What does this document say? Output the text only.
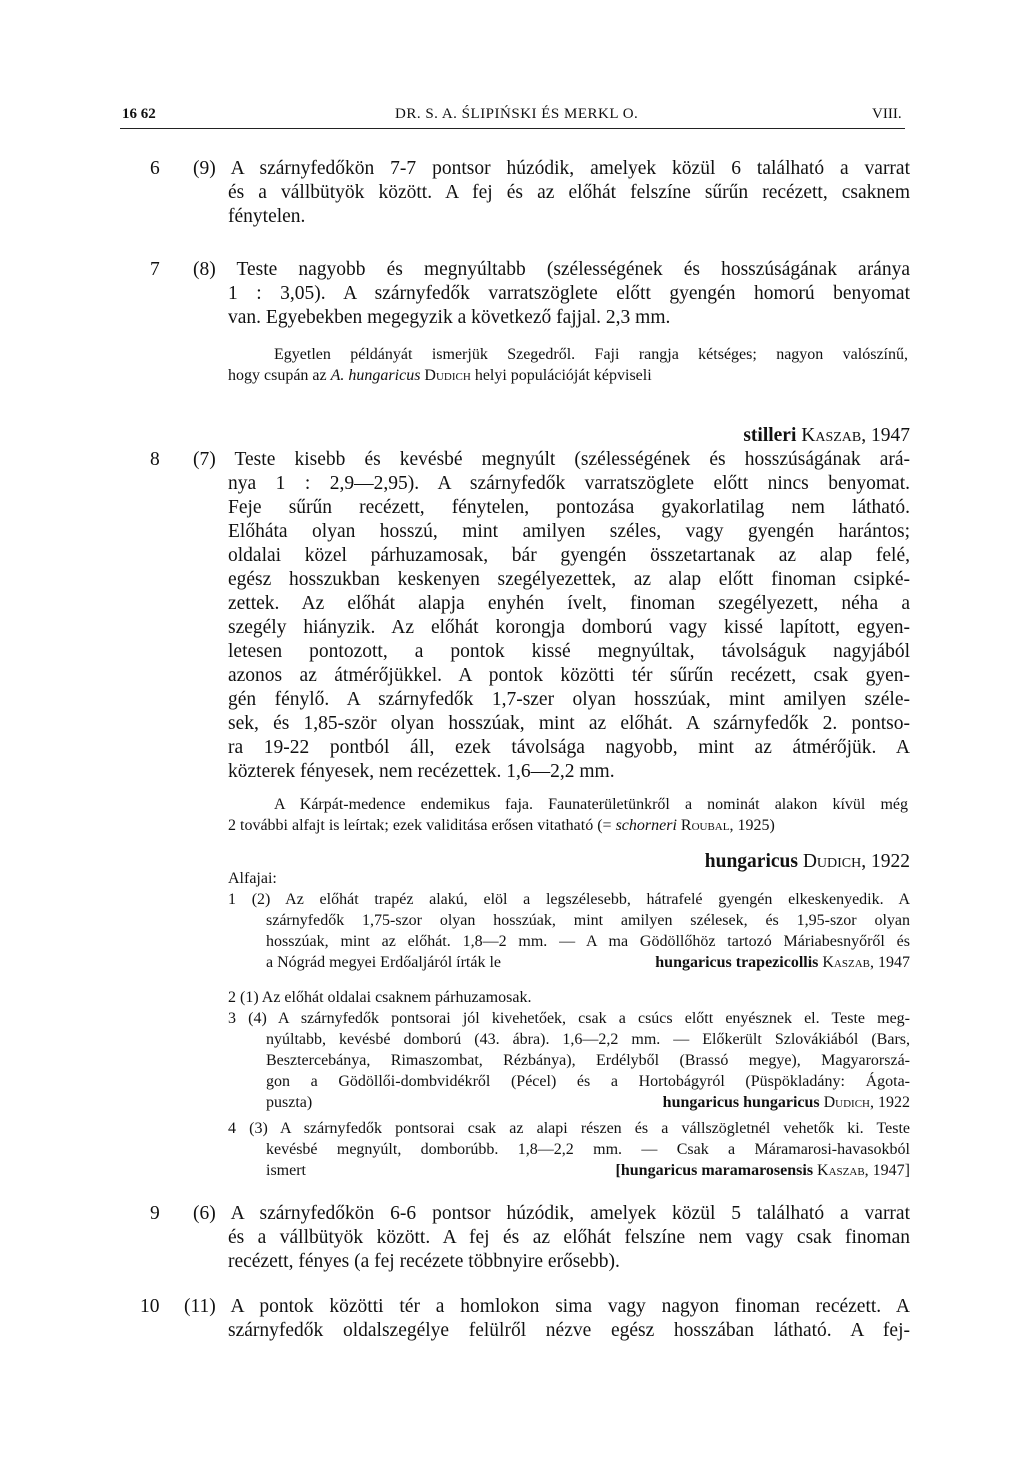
16 62	DR. S. A. ŚLIPIŃSKI ÉS MERKL O.	VIII.
6 (9) A szárnyfedőkön 7-7 pontsor húzódik, amelyek közül 6 található a varrat
és a vállbütyök között. A fej és az előhát felszíne sűrűn recézett, csaknem
fénytelen.
7 (8) Teste nagyobb és megnyúltabb (szélességének és hosszúságának aránya
1 : 3,05). A szárnyfedők varratszöglete előtt gyengén homorú benyomat
van. Egyebekben megegyzik a következő fajjal. 2,3 mm.
Egyetlen példányát ismerjük Szegedről. Faji rangja kétséges; nagyon valószínű,
hogy csupán az A. hungaricus Dudich helyi populációját képviseli
stilleri Kaszab, 1947
8 (7) Teste kisebb és kevésbé megnyúlt (szélességének és hosszúságának ará-
nya 1 : 2,9—2,95). A szárnyfedők varratszöglete előtt nincs benyomat.
Feje sűrűn recézett, fénytelen, pontozása gyakorlatilag nem látható.
Előháta olyan hosszú, mint amilyen széles, vagy gyengén harántos;
oldalai közel párhuzamosak, bár gyengén összetartanak az alap felé,
egész hosszukban keskenyen szegélyezettek, az alap előtt finoman csipké-
zettek. Az előhát alapja enyhén ívelt, finoman szegélyezett, néha a
szegély hiányzik. Az előhát korongja domború vagy kissé lapított, egyen-
letesen pontozott, a pontok kissé megnyúltak, távolságuk nagyjából
azonos az átmérőjükkel. A pontok közötti tér sűrűn recézett, csak gyen-
gén fénylő. A szárnyfedők 1,7-szer olyan hosszúak, mint amilyen széle-
sek, és 1,85-ször olyan hosszúak, mint az előhát. A szárnyfedők 2. pontso-
ra 19-22 pontból áll, ezek távolsága nagyobb, mint az átmérőjük. A
közterek fényesek, nem recézettek. 1,6—2,2 mm.
A Kárpát-medence endemikus faja. Faunaterületünkről a nominát alakon kívül még
2 további alfajt is leírtak; ezek validitása erősen vitatható (= schorneri Roubal, 1925)
hungaricus Dudich, 1922
Alfajai:
1 (2) Az előhát trapéz alakú, elöl a legszélesebb, hátrafelé gyengén elkeskenyedik. A
szárnyfedők 1,75-szor olyan hosszúak, mint amilyen szélesek, és 1,95-szor olyan
hosszúak, mint az előhát. 1,8—2 mm. — A ma Gödöllőhöz tartozó Máriabesnyőről és
a Nógrád megyei Erdőaljáról írták le	hungaricus trapezicollis Kaszab, 1947
2 (1) Az előhát oldalai csaknem párhuzamosak.
3 (4) A szárnyfedők pontsorai jól kivehetőek, csak a csúcs előtt enyésznek el. Teste meg-
nyúltabb, kevésbé domború (43. ábra). 1,6—2,2 mm. — Előkerült Szlovákiából (Bars,
Besztercebánya, Rimaszombat, Rézbánya), Erdélyből (Brassó megye), Magyarorszá-
gon a Gödöllői-dombvidékről (Pécel) és a Hortobágyról (Püspökladány: Ágota-
puszta)	hungaricus hungaricus Dudich, 1922
4 (3) A szárnyfedők pontsorai csak az alapi részen és a vállszögletnél vehetők ki. Teste
kevésbé megnyúlt, domborúbb. 1,8—2,2 mm. — Csak a Máramarosi-havasokból
ismert	[hungaricus maramarosensis Kaszab, 1947]
9 (6) A szárnyfedőkön 6-6 pontsor húzódik, amelyek közül 5 található a varrat
és a vállbütyök között. A fej és az előhát felszíne nem vagy csak finoman
recézett, fényes (a fej recézete többnyire erősebb).
10 (11) A pontok közötti tér a homlokon sima vagy nagyon finoman recézett. A
szárnyfedők oldalszegélye felülről nézve egész hosszában látható. A fej-
